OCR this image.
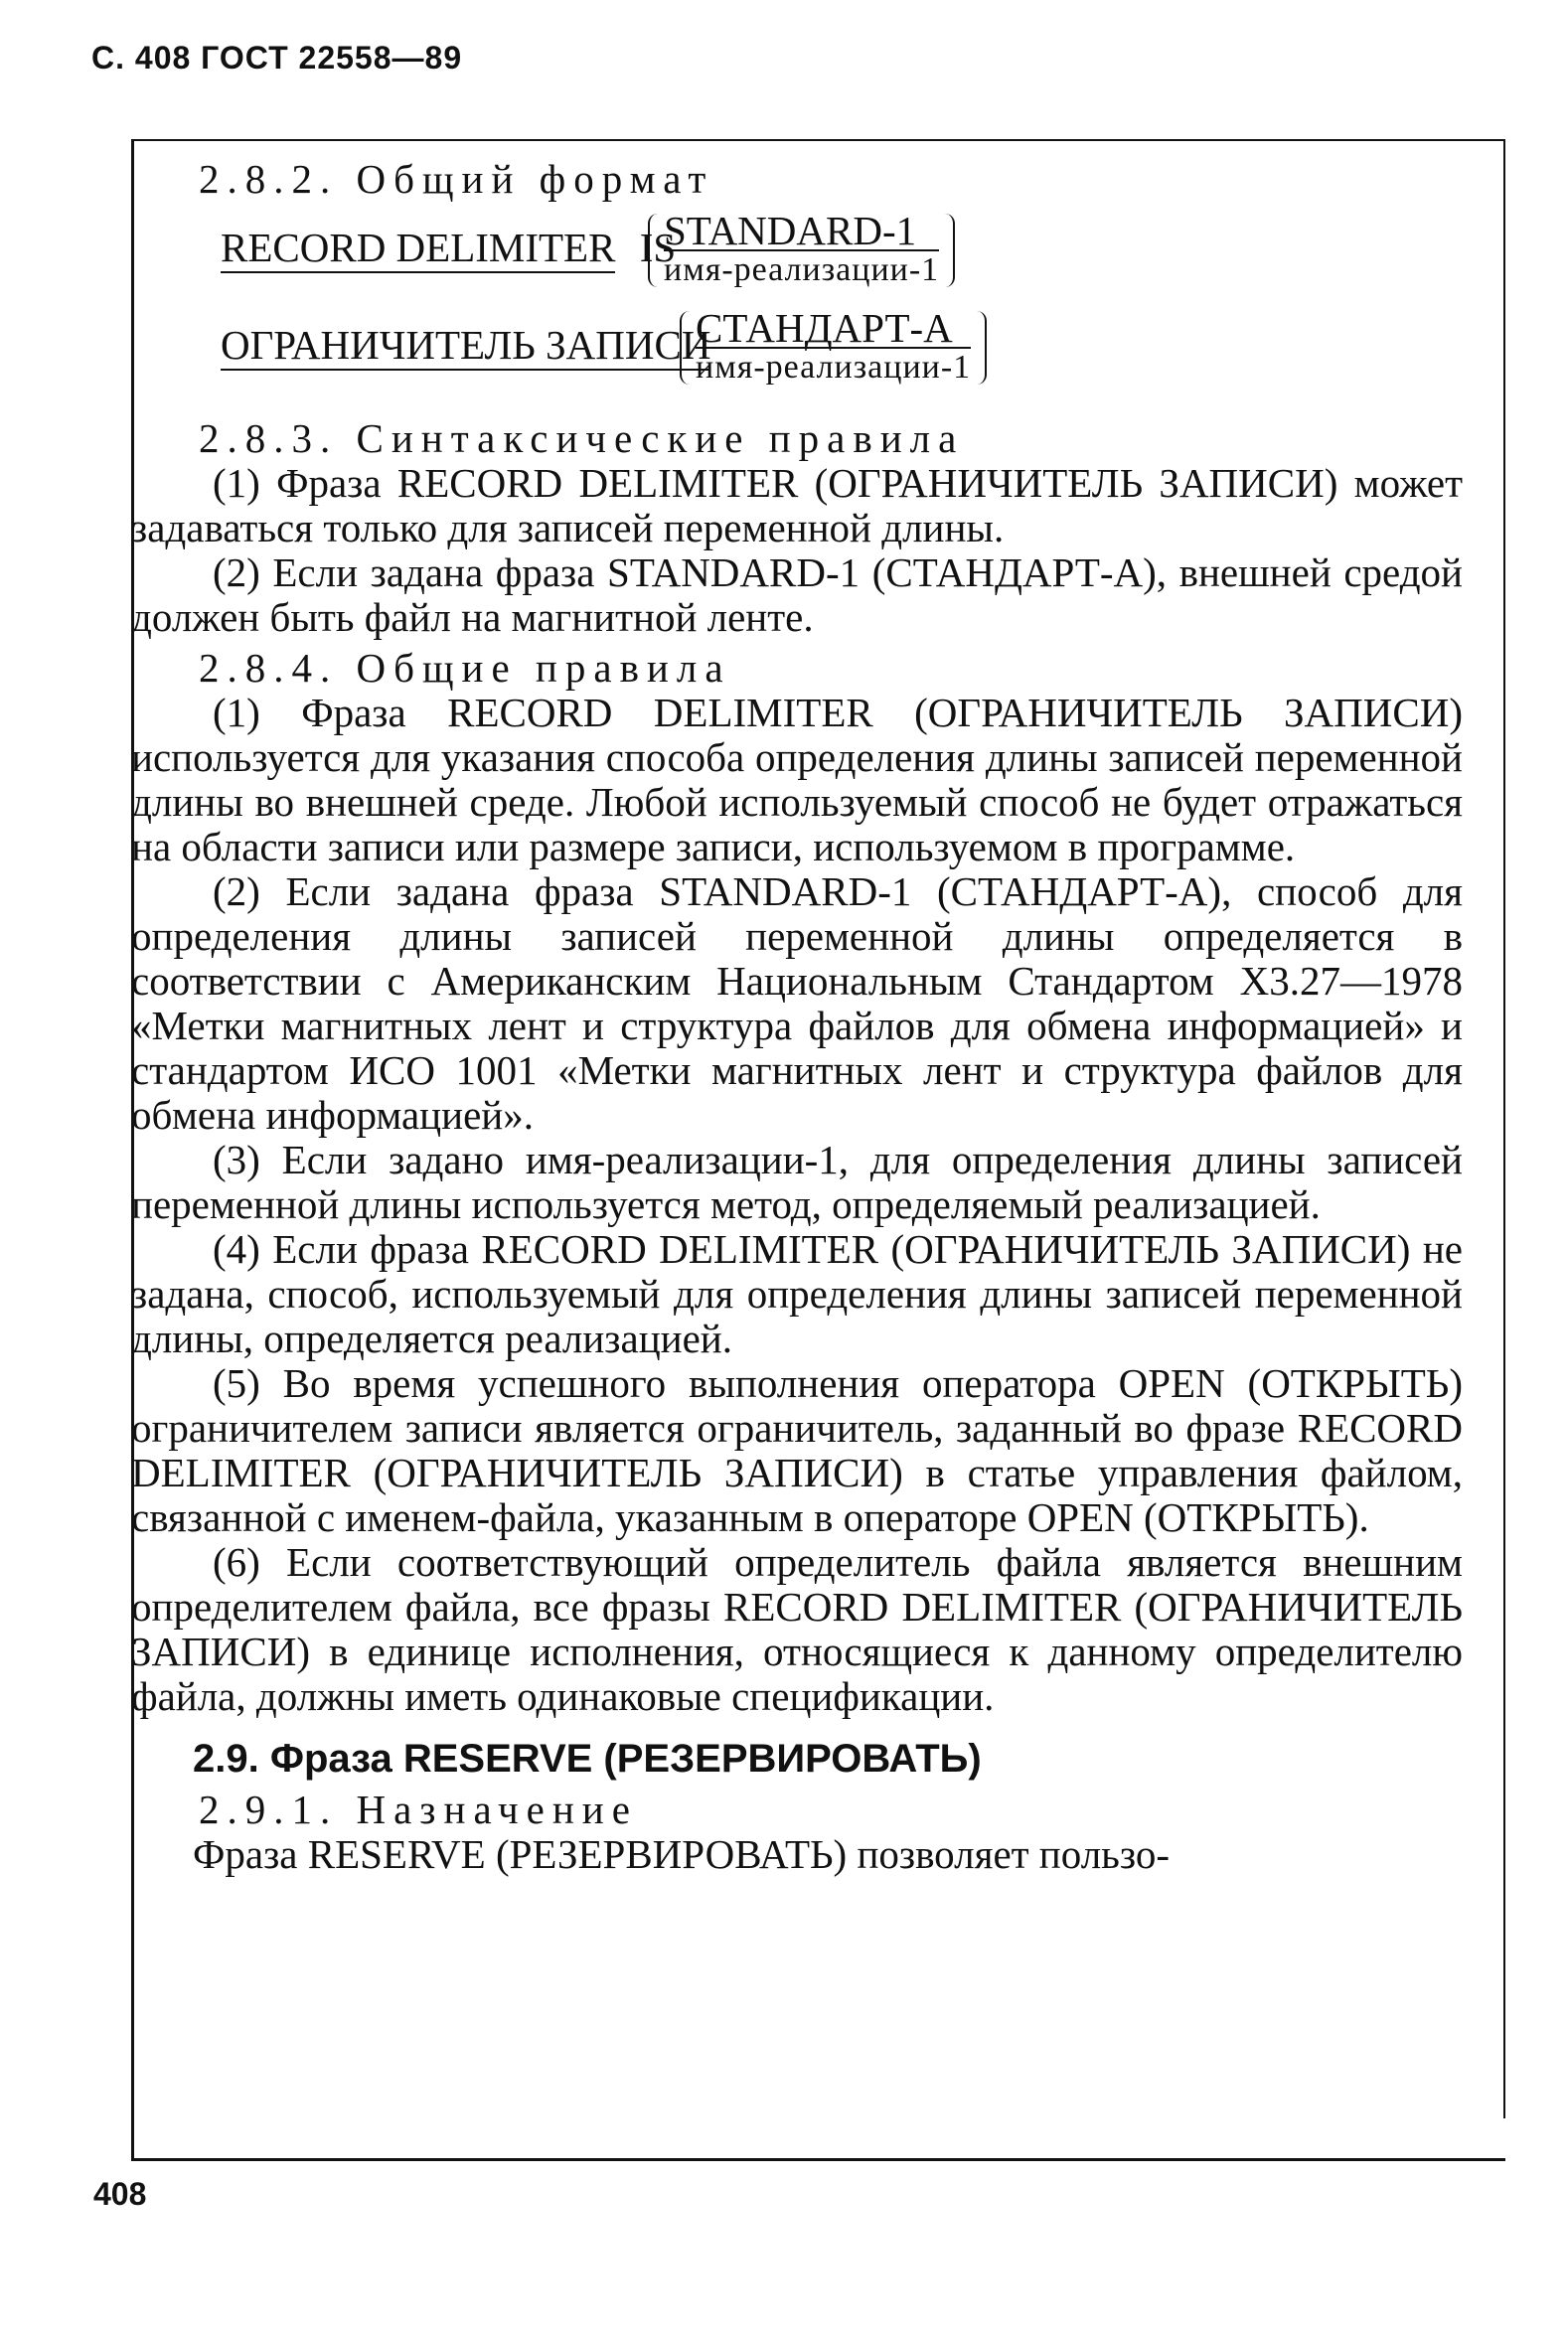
С. 408 ГОСТ 22558—89

2.8.2. Общий формат

RECORD DELIMITER IS
STANDARD-1
имя-реализации-1
ОГРАНИЧИТЕЛЬ ЗАПИСИ
СТАНДАРТ-А
имя-реализации-1

2.8.3. Синтаксические правила

(1) Фраза RECORD DELIMITER (ОГРАНИЧИТЕЛЬ ЗАПИСИ) может задаваться только для записей переменной длины.

(2) Если задана фраза STANDARD-1 (СТАНДАРТ-А), внешней средой должен быть файл на магнитной ленте.

2.8.4. Общие правила

(1) Фраза RECORD DELIMITER (ОГРАНИЧИТЕЛЬ ЗАПИСИ) используется для указания способа определения длины записей переменной длины во внешней среде. Любой используемый способ не будет отражаться на области записи или размере записи, используемом в программе.

(2) Если задана фраза STANDARD-1 (СТАНДАРТ-А), способ для определения длины записей переменной длины определяется в соответствии с Американским Национальным Стандартом X3.27—1978 «Метки магнитных лент и структура файлов для обмена информацией» и стандартом ИСО 1001 «Метки магнитных лент и структура файлов для обмена информацией».

(3) Если задано имя-реализации-1, для определения длины записей переменной длины используется метод, определяемый реализацией.

(4) Если фраза RECORD DELIMITER (ОГРАНИЧИТЕЛЬ ЗАПИСИ) не задана, способ, используемый для определения длины записей переменной длины, определяется реализацией.

(5) Во время успешного выполнения оператора OPEN (ОТКРЫТЬ) ограничителем записи является ограничитель, заданный во фразе RECORD DELIMITER (ОГРАНИЧИТЕЛЬ ЗАПИСИ) в статье управления файлом, связанной с именем-файла, указанным в операторе OPEN (ОТКРЫТЬ).

(6) Если соответствующий определитель файла является внешним определителем файла, все фразы RECORD DELIMITER (ОГРАНИЧИТЕЛЬ ЗАПИСИ) в единице исполнения, относящиеся к данному определителю файла, должны иметь одинаковые спецификации.

2.9. Фраза RESERVE (РЕЗЕРВИРОВАТЬ)

2.9.1. Назначение

Фраза RESERVE (РЕЗЕРВИРОВАТЬ) позволяет пользо-

408
